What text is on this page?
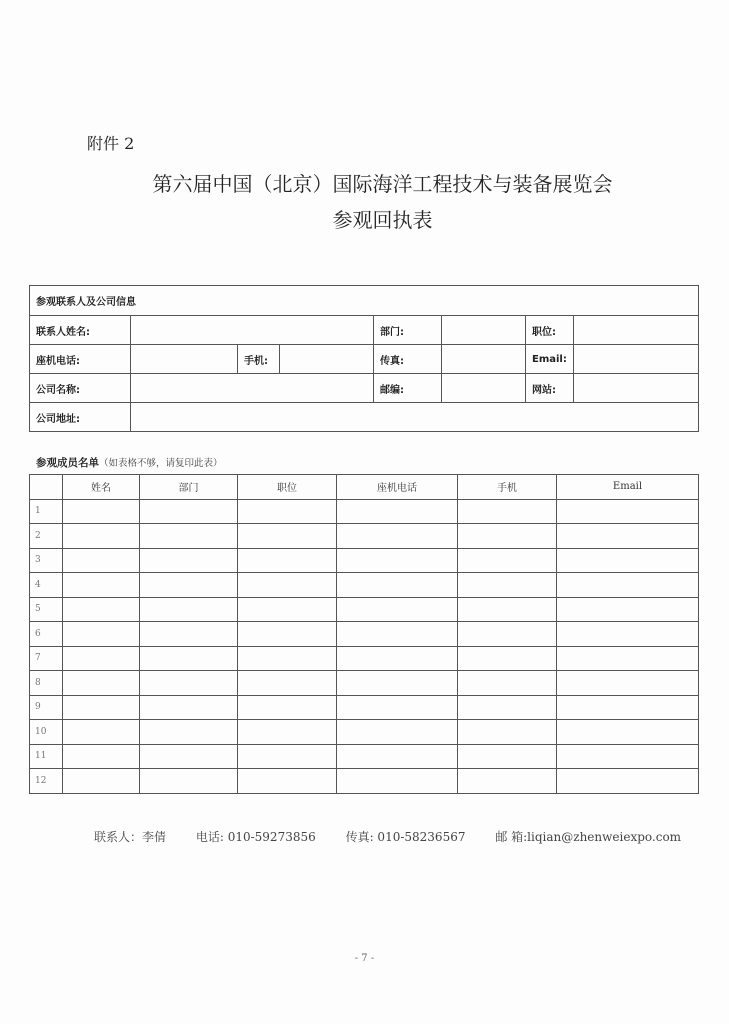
附件 2
第六届中国（北京）国际海洋工程技术与装备展览会
参观回执表
参观联系人及公司信息							
联系人姓名:				部门:		职位:	
座机电话:		手机:		传真:		Email:	
公司名称:				邮编:		网站:	
公司地址:							
参观成员名单（如表格不够，请复印此表）
	姓名	部门	职位	座机电话	手机	Email
1						
2						
3						
4						
5						
6						
7						
8						
9						
10						
11						
12						
联系人：李倩 电话: 010-59273856 传真: 010-58236567 邮 箱:liqian@zhenweiexpo.com
- 7 -
